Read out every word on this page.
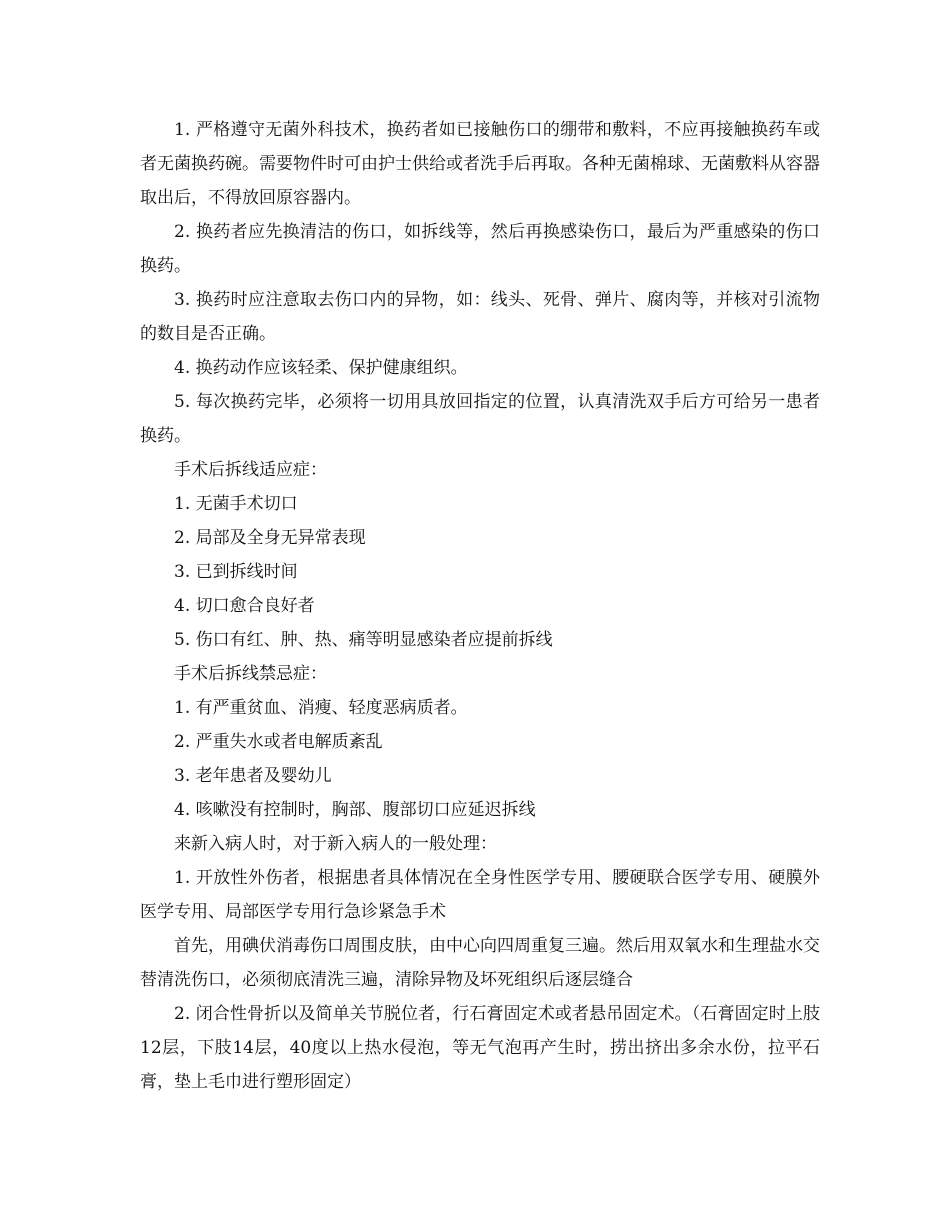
1. 严格遵守无菌外科技术，换药者如已接触伤口的绷带和敷料，不应再接触换药车或者无菌换药碗。需要物件时可由护士供给或者洗手后再取。各种无菌棉球、无菌敷料从容器取出后，不得放回原容器内。

2. 换药者应先换清洁的伤口，如拆线等，然后再换感染伤口，最后为严重感染的伤口换药。

3. 换药时应注意取去伤口内的异物，如：线头、死骨、弹片、腐肉等，并核对引流物的数目是否正确。

4. 换药动作应该轻柔、保护健康组织。

5. 每次换药完毕，必须将一切用具放回指定的位置，认真清洗双手后方可给另一患者换药。

手术后拆线适应症：

1. 无菌手术切口

2. 局部及全身无异常表现

3. 已到拆线时间

4. 切口愈合良好者

5. 伤口有红、肿、热、痛等明显感染者应提前拆线

手术后拆线禁忌症：

1. 有严重贫血、消瘦、轻度恶病质者。

2. 严重失水或者电解质紊乱

3. 老年患者及婴幼儿

4. 咳嗽没有控制时，胸部、腹部切口应延迟拆线

来新入病人时，对于新入病人的一般处理：

1. 开放性外伤者，根据患者具体情况在全身性医学专用、腰硬联合医学专用、硬膜外医学专用、局部医学专用行急诊紧急手术

首先，用碘伏消毒伤口周围皮肤，由中心向四周重复三遍。然后用双氧水和生理盐水交替清洗伤口，必须彻底清洗三遍，清除异物及坏死组织后逐层缝合

2. 闭合性骨折以及简单关节脱位者，行石膏固定术或者悬吊固定术。（石膏固定时上肢12层，下肢14层，40度以上热水侵泡，等无气泡再产生时，捞出挤出多余水份，拉平石膏，垫上毛巾进行塑形固定）
